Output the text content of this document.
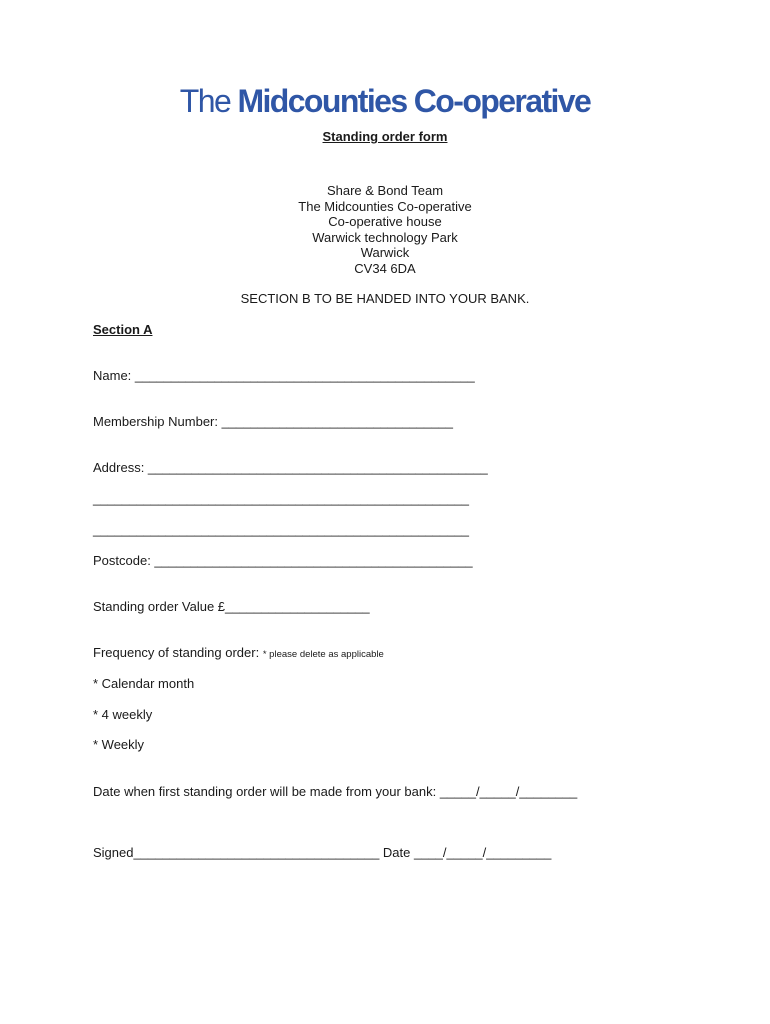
The Midcounties Co-operative
Standing order form
Share & Bond Team
The Midcounties Co-operative
Co-operative house
Warwick technology Park
Warwick
CV34 6DA
SECTION B TO BE HANDED INTO YOUR BANK.
Section A
Name: _______________________________________________
Membership Number: ________________________________
Address: _______________________________________________
____________________________________________________
____________________________________________________
Postcode: ____________________________________________
Standing order Value £____________________
Frequency of standing order: * please delete as applicable
* Calendar month
* 4 weekly
* Weekly
Date when first standing order will be made from your bank: _____/_____/________
Signed__________________________________ Date ____/_____/_________
